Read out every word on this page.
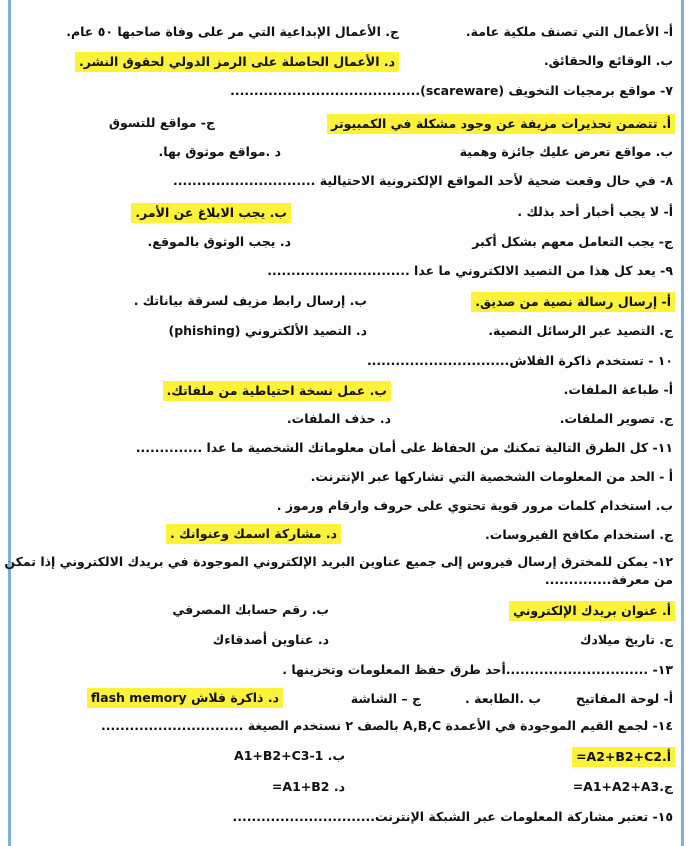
أ- الأعمال التي تصنف ملكية عامة.
ج. الأعمال الإبداعية التي مر على وفاة صاحبها ٥٠ عام.
ب. الوقائع والحقائق.
د. الأعمال الحاصلة على الرمز الدولي لحقوق النشر.
٧- مواقع برمجيات التخويف (scareware)........................................
أ. تتضمن تحذيرات مزيفة عن وجود مشكلة في الكمبيوتر
ج- مواقع للتسوق
ب. مواقع تعرض عليك جائزة وهمية
د .مواقع موثوق بها.
٨- في حال وقعت ضحية لأحد المواقع الإلكترونية الاحتيالية ..............................
أ- لا يجب أخبار أحد بذلك .
ب. يجب الابلاغ عن الأمر.
ج- يجب التعامل معهم بشكل أكبر
د. يجب الوثوق بالموقع.
٩- يعد كل هذا من التصيد الالكتروني ما عدا ..............................
أ- إرسال رسالة نصية من صديق.
ب. إرسال رابط مزيف لسرقة بياناتك .
ج. التصيد عبر الرسائل النصية.
د. التصيد الألكتروني (phishing)
١٠ - تستخدم ذاكرة الفلاش..............................
أ- طباعة الملفات.
ب. عمل نسخة احتياطية من ملفاتك.
ج. تصوير الملفات.
د. حذف الملفات.
١١- كل الطرق التالية تمكنك من الحفاظ على أمان معلوماتك الشخصية ما عدا ..............
أ - الحد من المعلومات الشخصية التي تشاركها عبر الإنترنت.
ب. استخدام كلمات مرور قوية تحتوي على حروف وارقام ورموز .
ج. استخدام مكافح الفيروسات.
د. مشاركة اسمك وعنوانك .
١٢- يمكن للمخترق إرسال فيروس إلى جميع عناوين البريد الإلكتروني الموجودة في بريدك الالكتروني إذا تمكن
من معرفة..............
أ. عنوان بريدك الإلكتروني
ب. رقم حسابك المصرفي
ج. تاريخ ميلادك
د. عناوين أصدقاءك
١٣- ..............................أحد طرق حفظ المعلومات وتخزينها .
أ- لوحة المفاتيح
ب .الطابعة .
ج – الشاشة
د. ذاكرة فلاش flash memory
١٤- لجمع القيم الموجودة في الأعمدة A,B,C بالصف ٢ نستخدم الصيغة ..............................
=A2+B2+C2.أ
A1+B2+C3-1 .ب
=A1+A2+A3.ج
=A1+B2 .د
١٥- تعتبر مشاركة المعلومات عبر الشبكة الإنترنت..............................
